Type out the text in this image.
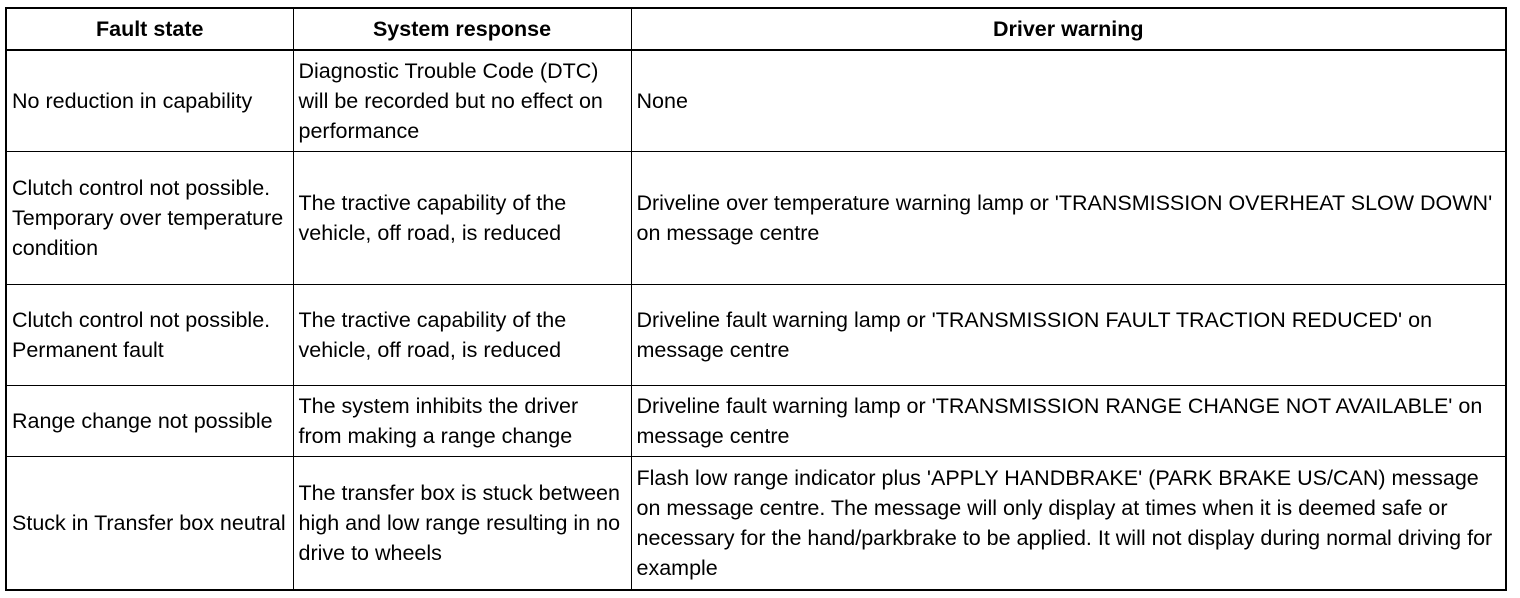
Fault state	System response	Driver warning
No reduction in capability	Diagnostic Trouble Code (DTC) will be recorded but no effect on performance	None
Clutch control not possible. Temporary over temperature condition	The tractive capability of the vehicle, off road, is reduced	Driveline over temperature warning lamp or 'TRANSMISSION OVERHEAT SLOW DOWN' on message centre
Clutch control not possible. Permanent fault	The tractive capability of the vehicle, off road, is reduced	Driveline fault warning lamp or 'TRANSMISSION FAULT TRACTION REDUCED' on message centre
Range change not possible	The system inhibits the driver from making a range change	Driveline fault warning lamp or 'TRANSMISSION RANGE CHANGE NOT AVAILABLE' on message centre
Stuck in Transfer box neutral	The transfer box is stuck between high and low range resulting in no drive to wheels	Flash low range indicator plus 'APPLY HANDBRAKE' (PARK BRAKE US/CAN) message on message centre. The message will only display at times when it is deemed safe or necessary for the hand/parkbrake to be applied. It will not display during normal driving for example
